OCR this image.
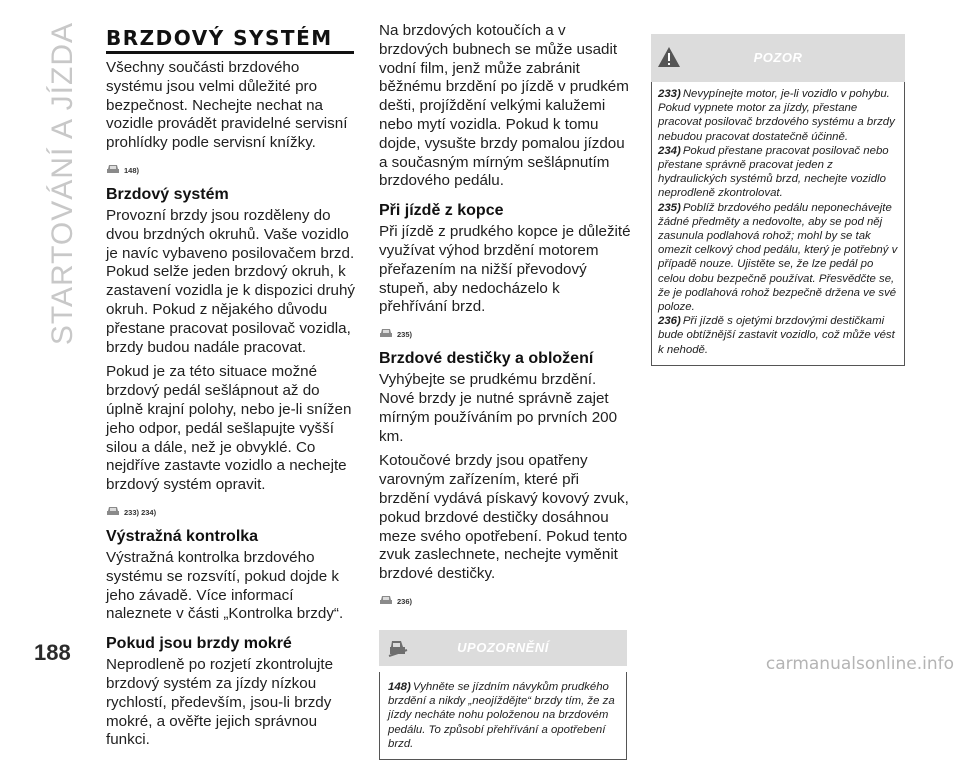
STARTOVÁNÍ A JÍZDA BRZDOVÝ SYSTÉM

Všechny součásti brzdového systému jsou velmi důležité pro bezpečnost. Nechejte nechat na vozidle provádět pravidelné servisní prohlídky podle servisní knížky.

148)
Brzdový systém

Provozní brzdy jsou rozděleny do dvou brzdných okruhů. Vaše vozidlo je navíc vybaveno posilovačem brzd. Pokud selže jeden brzdový okruh, k zastavení vozidla je k dispozici druhý okruh. Pokud z nějakého důvodu přestane pracovat posilovač vozidla, brzdy budou nadále pracovat.

Pokud je za této situace možné brzdový pedál sešlápnout až do úplně krajní polohy, nebo je-li snížen jeho odpor, pedál sešlapujte vyšší silou a dále, než je obvyklé. Co nejdříve zastavte vozidlo a nechejte brzdový systém opravit.

233) 234)
Výstražná kontrolka

Výstražná kontrolka brzdového systému se rozsvítí, pokud dojde k jeho závadě. Více informací naleznete v části „Kontrolka brzdy“.

Pokud jsou brzdy mokré

Neprodleně po rozjetí zkontrolujte brzdový systém za jízdy nízkou rychlostí, především, jsou-li brzdy mokré, a ověřte jejich správnou funkci.

Na brzdových kotoučích a v brzdových bubnech se může usadit vodní film, jenž může zabránit běžnému brzdění po jízdě v prudkém dešti, projíždění velkými kalužemi nebo mytí vozidla. Pokud k tomu dojde, vysušte brzdy pomalou jízdou a současným mírným sešlápnutím brzdového pedálu.

Při jízdě z kopce

Při jízdě z prudkého kopce je důležité využívat výhod brzdění motorem přeřazením na nižší převodový stupeň, aby nedocházelo k přehřívání brzd.

235)
Brzdové destičky a obložení

Vyhýbejte se prudkému brzdění. Nové brzdy je nutné správně zajet mírným používáním po prvních 200 km.

Kotoučové brzdy jsou opatřeny varovným zařízením, které při brzdění vydává pískavý kovový zvuk, pokud brzdové destičky dosáhnou meze svého opotřebení. Pokud tento zvuk zaslechnete, nechejte vyměnit brzdové destičky.

236)
UPOZORNĚNÍ

148) Vyhněte se jízdním návykům prudkého brzdění a nikdy „neojíždějte“ brzdy tím, že za jízdy necháte nohu položenou na brzdovém pedálu. To způsobí přehřívání a opotřebení brzd.

POZOR

233) Nevypínejte motor, je-li vozidlo v pohybu. Pokud vypnete motor za jízdy, přestane pracovat posilovač brzdového systému a brzdy nebudou pracovat dostatečně účinně.

234) Pokud přestane pracovat posilovač nebo přestane správně pracovat jeden z hydraulických systémů brzd, nechejte vozidlo neprodleně zkontrolovat.

235) Poblíž brzdového pedálu neponechávejte žádné předměty a nedovolte, aby se pod něj zasunula podlahová rohož; mohl by se tak omezit celkový chod pedálu, který je potřebný v případě nouze. Ujistěte se, že lze pedál po celou dobu bezpečně používat. Přesvědčte se, že je podlahová rohož bezpečně držena ve své poloze.

236) Při jízdě s ojetými brzdovými destičkami bude obtížnější zastavit vozidlo, což může vést k nehodě.

188	carmanualsonline.info
